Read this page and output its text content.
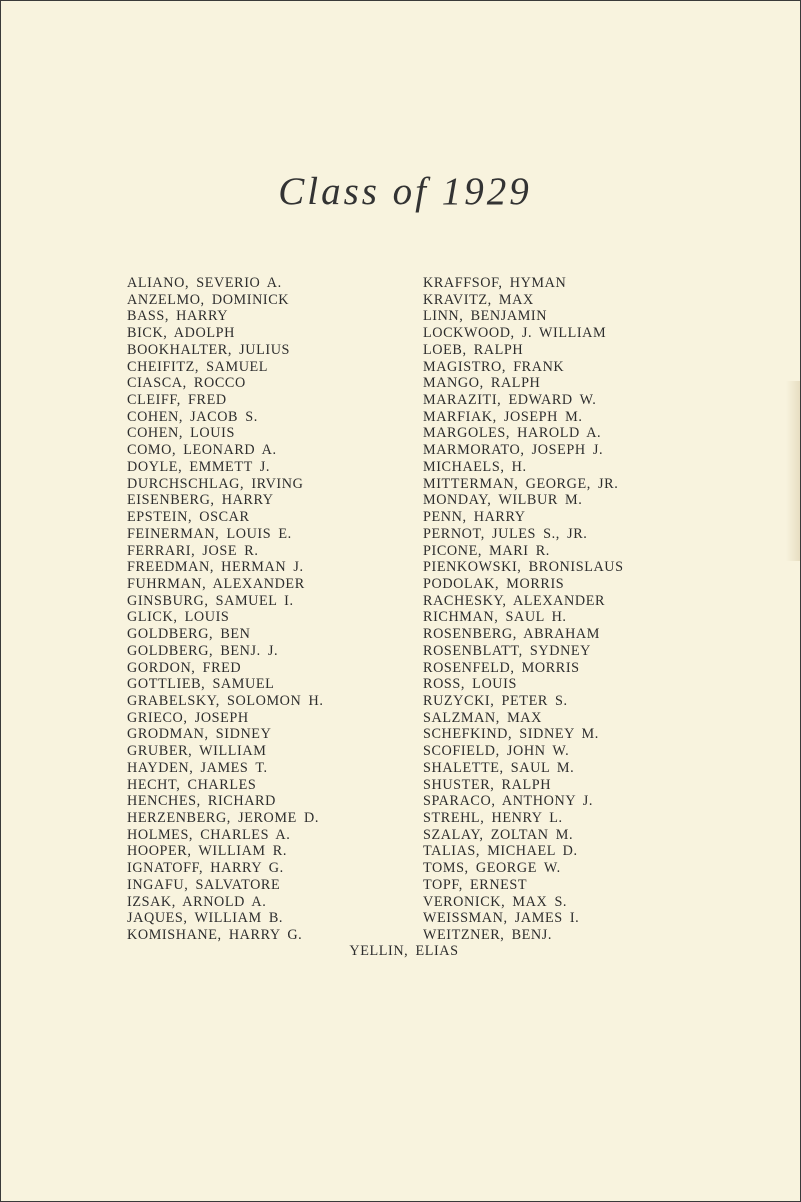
Class of 1929
ALIANO, SEVERIO A.
ANZELMO, DOMINICK
BASS, HARRY
BICK, ADOLPH
BOOKHALTER, JULIUS
CHEIFITZ, SAMUEL
CIASCA, ROCCO
CLEIFF, FRED
COHEN, JACOB S.
COHEN, LOUIS
COMO, LEONARD A.
DOYLE, EMMETT J.
DURCHSCHLAG, IRVING
EISENBERG, HARRY
EPSTEIN, OSCAR
FEINERMAN, LOUIS E.
FERRARI, JOSE R.
FREEDMAN, HERMAN J.
FUHRMAN, ALEXANDER
GINSBURG, SAMUEL I.
GLICK, LOUIS
GOLDBERG, BEN
GOLDBERG, BENJ. J.
GORDON, FRED
GOTTLIEB, SAMUEL
GRABELSKY, SOLOMON H.
GRIECO, JOSEPH
GRODMAN, SIDNEY
GRUBER, WILLIAM
HAYDEN, JAMES T.
HECHT, CHARLES
HENCHES, RICHARD
HERZENBERG, JEROME D.
HOLMES, CHARLES A.
HOOPER, WILLIAM R.
IGNATOFF, HARRY G.
INGAFU, SALVATORE
IZSAK, ARNOLD A.
JAQUES, WILLIAM B.
KOMISHANE, HARRY G.
KRAFFSOF, HYMAN
KRAVITZ, MAX
LINN, BENJAMIN
LOCKWOOD, J. WILLIAM
LOEB, RALPH
MAGISTRO, FRANK
MANGO, RALPH
MARAZITI, EDWARD W.
MARFIAK, JOSEPH M.
MARGOLES, HAROLD A.
MARMORATO, JOSEPH J.
MICHAELS, H.
MITTERMAN, GEORGE, JR.
MONDAY, WILBUR M.
PENN, HARRY
PERNOT, JULES S., JR.
PICONE, MARI R.
PIENKOWSKI, BRONISLAUS
PODOLAK, MORRIS
RACHESKY, ALEXANDER
RICHMAN, SAUL H.
ROSENBERG, ABRAHAM
ROSENBLATT, SYDNEY
ROSENFELD, MORRIS
ROSS, LOUIS
RUZYCKI, PETER S.
SALZMAN, MAX
SCHEFKIND, SIDNEY M.
SCOFIELD, JOHN W.
SHALETTE, SAUL M.
SHUSTER, RALPH
SPARACO, ANTHONY J.
STREHL, HENRY L.
SZALAY, ZOLTAN M.
TALIAS, MICHAEL D.
TOMS, GEORGE W.
TOPF, ERNEST
VERONICK, MAX S.
WEISSMAN, JAMES I.
WEITZNER, BENJ.
YELLIN, ELIAS
